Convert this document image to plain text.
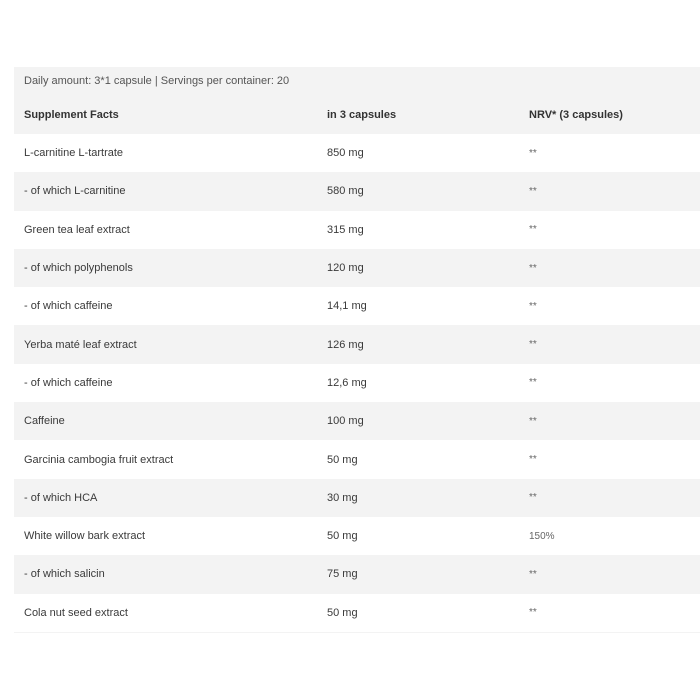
Daily amount: 3*1 capsule | Servings per container: 20
Supplement Facts	in 3 capsules	NRV* (3 capsules)
L-carnitine L-tartrate	850 mg	**
- of which L-carnitine	580 mg	**
Green tea leaf extract	315 mg	**
- of which polyphenols	120 mg	**
- of which caffeine	14,1 mg	**
Yerba maté leaf extract	126 mg	**
- of which caffeine	12,6 mg	**
Caffeine	100 mg	**
Garcinia cambogia fruit extract	50 mg	**
- of which HCA	30 mg	**
White willow bark extract	50 mg	150%
- of which salicin	75 mg	**
Cola nut seed extract	50 mg	**
